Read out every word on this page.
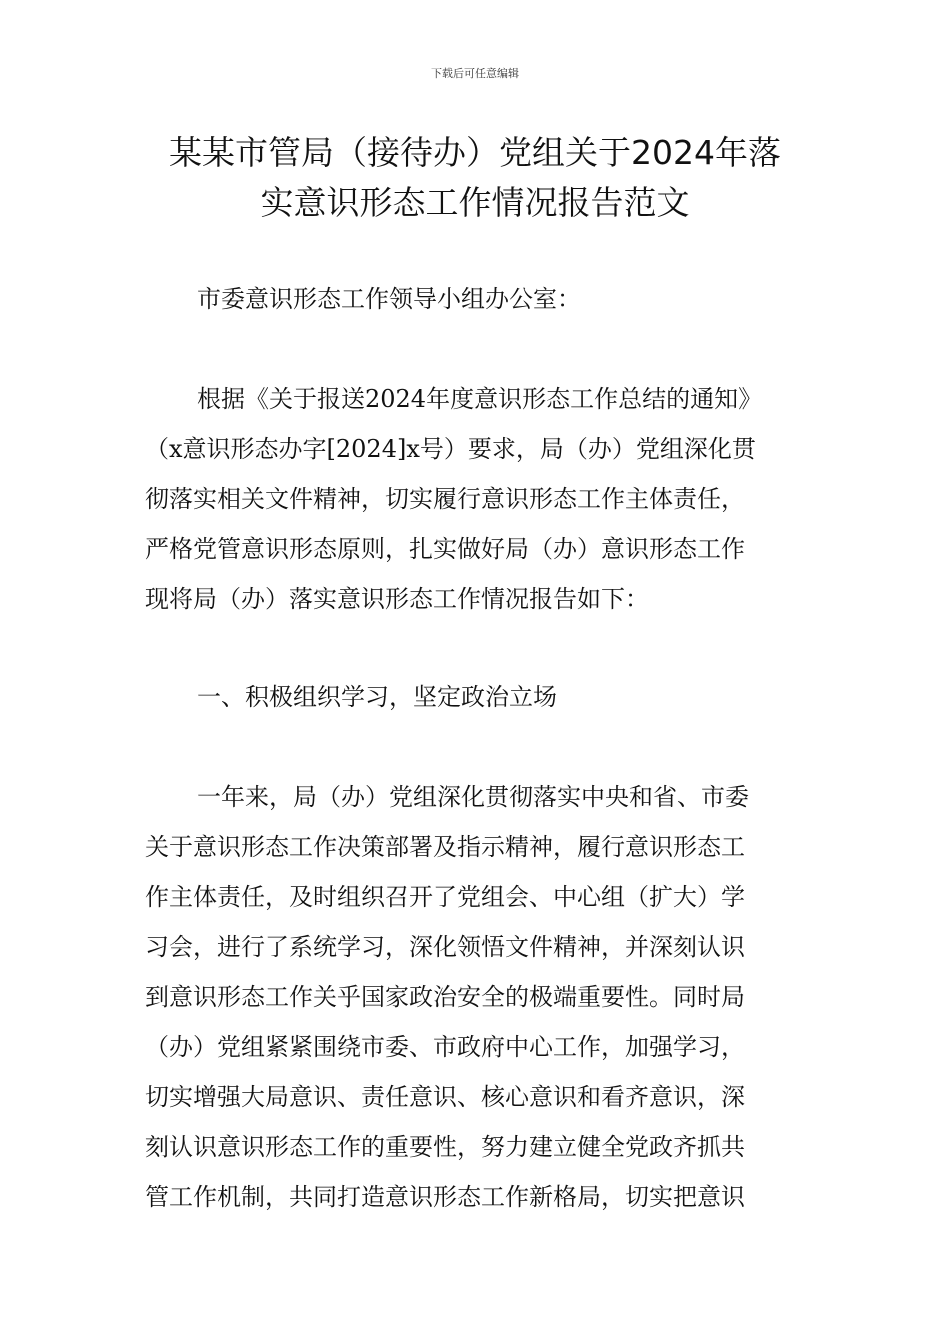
下载后可任意编辑
某某市管局（接待办）党组关于2024年落
实意识形态工作情况报告范文

市委意识形态工作领导小组办公室：

根据《关于报送2024年度意识形态工作总结的通知》
（x意识形态办字[2024]x号）要求，局（办）党组深化贯
彻落实相关文件精神，切实履行意识形态工作主体责任，
严格党管意识形态原则，扎实做好局（办）意识形态工作
现将局（办）落实意识形态工作情况报告如下：

一、积极组织学习，坚定政治立场

一年来，局（办）党组深化贯彻落实中央和省、市委
关于意识形态工作决策部署及指示精神，履行意识形态工
作主体责任，及时组织召开了党组会、中心组（扩大）学
习会，进行了系统学习，深化领悟文件精神，并深刻认识
到意识形态工作关乎国家政治安全的极端重要性。同时局
（办）党组紧紧围绕市委、市政府中心工作，加强学习，
切实增强大局意识、责任意识、核心意识和看齐意识，深
刻认识意识形态工作的重要性，努力建立健全党政齐抓共
管工作机制，共同打造意识形态工作新格局，切实把意识
